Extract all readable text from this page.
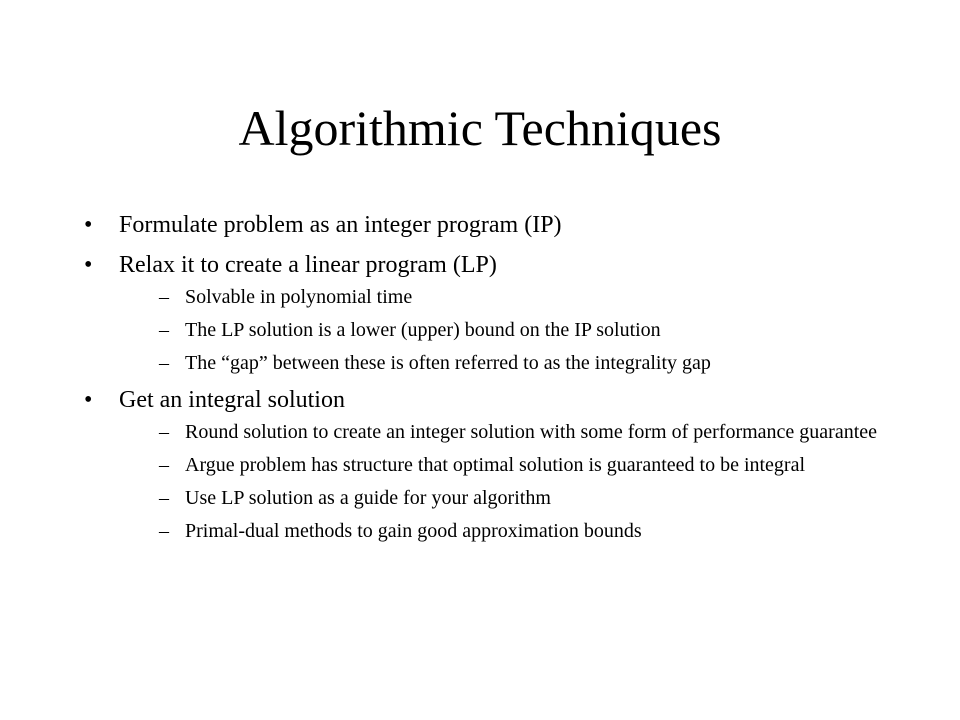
Algorithmic Techniques
• Formulate problem as an integer program (IP)
• Relax it to create a linear program (LP)
– Solvable in polynomial time
– The LP solution is a lower (upper) bound on the IP solution
– The “gap” between these is often referred to as the integrality gap
• Get an integral solution
– Round solution to create an integer solution with some form of performance guarantee
– Argue problem has structure that optimal solution is guaranteed to be integral
– Use LP solution as a guide for your algorithm
– Primal-dual methods to gain good approximation bounds
